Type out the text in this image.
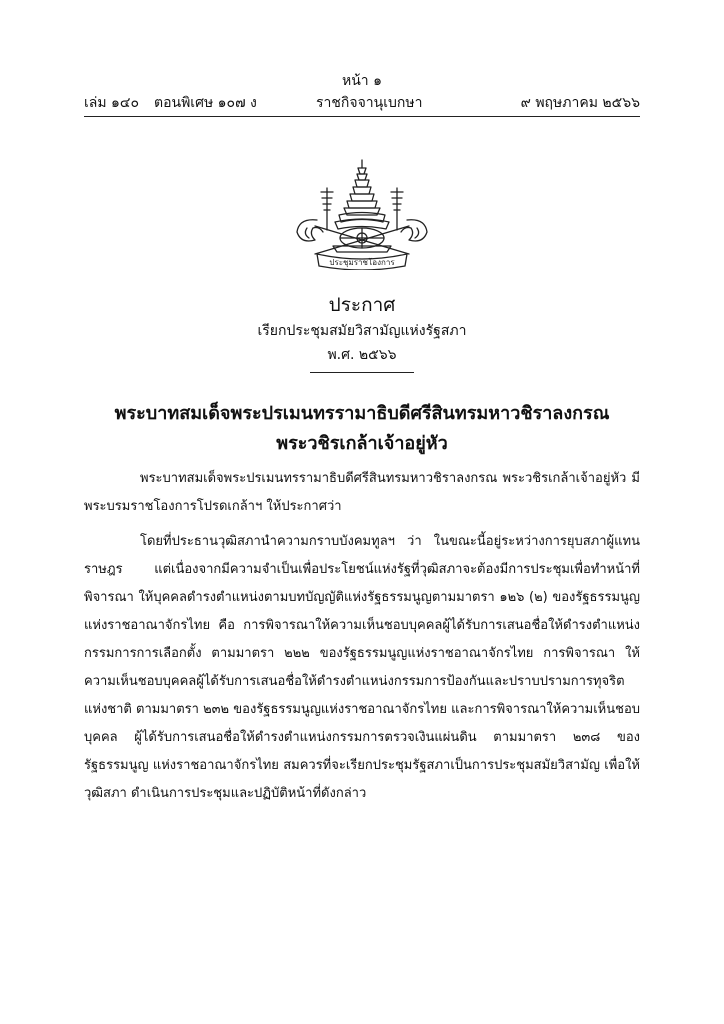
หน้า ๑
เล่ม ๑๔๐ ตอนพิเศษ ๑๐๗ ง	ราชกิจจานุเบกษา	๙ พฤษภาคม ๒๕๖๖
ประชุมราชโองการ
ประกาศ
เรียกประชุมสมัยวิสามัญแห่งรัฐสภา
พ.ศ. ๒๕๖๖
พระบาทสมเด็จพระปรเมนทรรามาธิบดีศรีสินทรมหาวชิราลงกรณ
พระวชิรเกล้าเจ้าอยู่หัว

พระบาทสมเด็จพระปรเมนทรรามาธิบดีศรีสินทรมหาวชิราลงกรณ พระวชิรเกล้าเจ้าอยู่หัว มีพระบรมราชโองการโปรดเกล้าฯ ให้ประกาศว่า

โดยที่ประธานวุฒิสภานำความกราบบังคมทูลฯ ว่า ในขณะนี้อยู่ระหว่างการยุบสภาผู้แทนราษฎร แต่เนื่องจากมีความจำเป็นเพื่อประโยชน์แห่งรัฐที่วุฒิสภาจะต้องมีการประชุมเพื่อทำหน้าที่พิจารณา ให้บุคคลดำรงตำแหน่งตามบทบัญญัติแห่งรัฐธรรมนูญตามมาตรา ๑๒๖ (๒) ของรัฐธรรมนูญ แห่งราชอาณาจักรไทย คือ การพิจารณาให้ความเห็นชอบบุคคลผู้ได้รับการเสนอชื่อให้ดำรงตำแหน่ง กรรมการการเลือกตั้ง ตามมาตรา ๒๒๒ ของรัฐธรรมนูญแห่งราชอาณาจักรไทย การพิจารณา ให้ความเห็นชอบบุคคลผู้ได้รับการเสนอชื่อให้ดำรงตำแหน่งกรรมการป้องกันและปราบปรามการทุจริตแห่งชาติ ตามมาตรา ๒๓๒ ของรัฐธรรมนูญแห่งราชอาณาจักรไทย และการพิจารณาให้ความเห็นชอบบุคคล ผู้ได้รับการเสนอชื่อให้ดำรงตำแหน่งกรรมการตรวจเงินแผ่นดิน ตามมาตรา ๒๓๘ ของรัฐธรรมนูญ แห่งราชอาณาจักรไทย สมควรที่จะเรียกประชุมรัฐสภาเป็นการประชุมสมัยวิสามัญ เพื่อให้วุฒิสภา ดำเนินการประชุมและปฏิบัติหน้าที่ดังกล่าว
